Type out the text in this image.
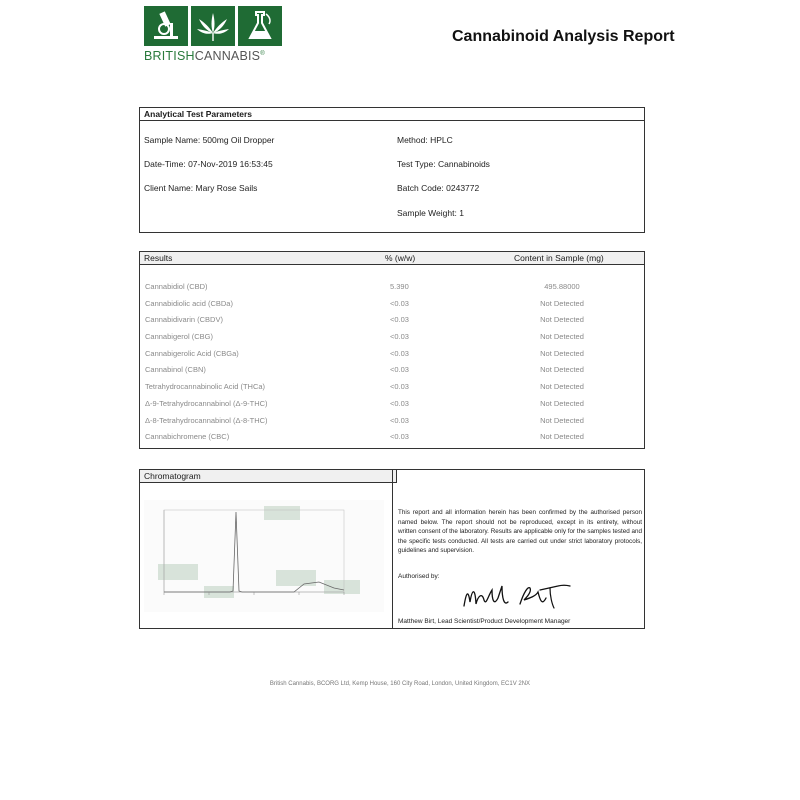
BRITISHCANNABIS®
Cannabinoid Analysis Report
Analytical Test Parameters
Sample Name: 500mg Oil Dropper
Date-Time: 07-Nov-2019 16:53:45
Client Name: Mary Rose Sails
Method: HPLC
Test Type: Cannabinoids
Batch Code: 0243772
Sample Weight: 1
Results	% (w/w)	Content in Sample (mg)
Cannabidiol (CBD)	5.390	495.88000
Cannabidiolic acid (CBDa)	<0.03	Not Detected
Cannabidivarin (CBDV)	<0.03	Not Detected
Cannabigerol (CBG)	<0.03	Not Detected
Cannabigerolic Acid (CBGa)	<0.03	Not Detected
Cannabinol (CBN)	<0.03	Not Detected
Tetrahydrocannabinolic Acid (THCa)	<0.03	Not Detected
Δ-9-Tetrahydrocannabinol (Δ-9-THC)	<0.03	Not Detected
Δ-8-Tetrahydrocannabinol (Δ-8-THC)	<0.03	Not Detected
Cannabichromene (CBC)	<0.03	Not Detected
Chromatogram
This report and all information herein has been confirmed by the authorised person named below. The report should not be reproduced, except in its entirety, without written consent of the laboratory. Results are applicable only for the samples tested and the specific tests conducted. All tests are carried out under strict laboratory protocols, guidelines and supervision.
Authorised by:
Matthew Birt, Lead Scientist/Product Development Manager
British Cannabis, BCORG Ltd, Kemp House, 160 City Road, London, United Kingdom, EC1V 2NX
